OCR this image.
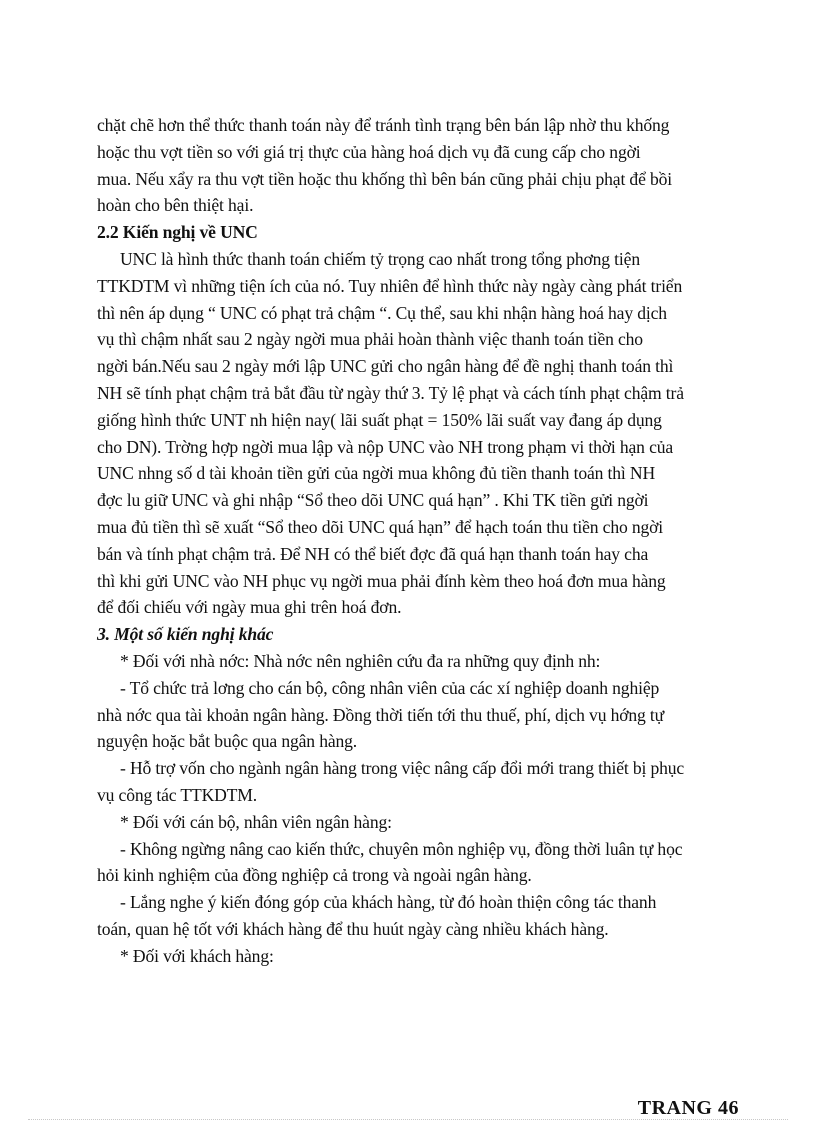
chặt chẽ hơn thể thức thanh toán này để tránh tình trạng bên bán lập nhờ thu khống
hoặc thu vợt tiền so với giá trị thực của hàng hoá dịch vụ đã cung cấp cho ngời
mua. Nếu xẩy ra thu vợt tiền hoặc thu khống thì bên bán cũng phải chịu phạt để bồi
hoàn cho bên thiệt hại.
2.2 Kiến nghị về UNC
UNC là hình thức thanh toán chiếm tỷ trọng cao nhất trong tổng phơng tiện
TTKDTM vì những tiện ích của nó. Tuy nhiên để hình thức này ngày càng phát triển
thì nên áp dụng “ UNC có phạt trả chậm “. Cụ thể, sau khi nhận hàng hoá hay dịch
vụ thì chậm nhất sau 2 ngày ngời mua phải hoàn thành việc thanh toán tiền cho
ngời bán.Nếu sau 2 ngày mới lập UNC gửi cho ngân hàng để đề nghị thanh toán thì
NH sẽ tính phạt chậm trả bắt đầu từ ngày thứ 3. Tỷ lệ phạt và cách tính phạt chậm trả
giống hình thức UNT nh hiện nay( lãi suất phạt = 150% lãi suất vay đang áp dụng
cho DN). Trờng hợp ngời mua lập và nộp UNC vào NH trong phạm vi thời hạn của
UNC nhng số d tài khoản tiền gửi của ngời mua không đủ tiền thanh toán thì NH
đợc lu giữ UNC và ghi nhập “Sổ theo dõi UNC quá hạn” . Khi TK tiền gửi ngời
mua đủ tiền thì sẽ xuất “Sổ theo dõi UNC quá hạn” để hạch toán thu tiền cho ngời
bán và tính phạt chậm trả. Để NH có thể biết đợc đã quá hạn thanh toán hay cha
thì khi gửi UNC vào NH phục vụ ngời mua phải đính kèm theo hoá đơn mua hàng
để đối chiếu với ngày mua ghi trên hoá đơn.
3. Một số kiến nghị khác
* Đối với nhà nớc: Nhà nớc nên nghiên cứu đa ra những quy định nh:
- Tổ chức trả lơng cho cán bộ, công nhân viên của các xí nghiệp doanh nghiệp
nhà nớc qua tài khoản ngân hàng. Đồng thời tiến tới thu thuế, phí, dịch vụ hớng tự
nguyện hoặc bắt buộc qua ngân hàng.
- Hỗ trợ vốn cho ngành ngân hàng trong việc nâng cấp đổi mới trang thiết bị phục
vụ công tác TTKDTM.
* Đối với cán bộ, nhân viên ngân hàng:
- Không ngừng nâng cao kiến thức, chuyên môn nghiệp vụ, đồng thời luân tự học
hỏi kinh nghiệm của đồng nghiệp cả trong và ngoài ngân hàng.
- Lắng nghe ý kiến đóng góp của khách hàng, từ đó hoàn thiện công tác thanh
toán, quan hệ tốt với khách hàng để thu huút ngày càng nhiều khách hàng.
* Đối với khách hàng:
TRANG 46
